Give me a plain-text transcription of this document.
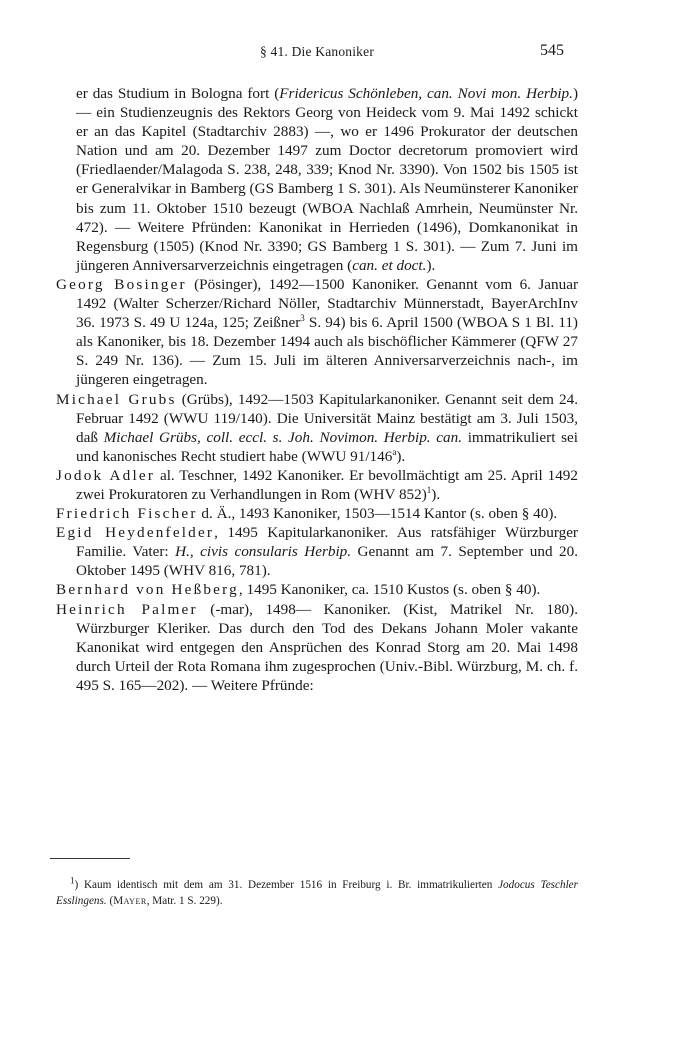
§ 41. Die Kanoniker	545

er das Studium in Bologna fort (Fridericus Schönleben, can. Novi mon. Herbip.) — ein Studienzeugnis des Rektors Georg von Heideck vom 9. Mai 1492 schickt er an das Kapitel (Stadtarchiv 2883) —, wo er 1496 Prokurator der deutschen Nation und am 20. Dezember 1497 zum Doctor decretorum promoviert wird (Friedlaender/Malagoda S. 238, 248, 339; Knod Nr. 3390). Von 1502 bis 1505 ist er Generalvikar in Bamberg (GS Bamberg 1 S. 301). Als Neumünsterer Kanoniker bis zum 11. Oktober 1510 bezeugt (WBOA Nachlaß Amrhein, Neumünster Nr. 472). — Weitere Pfründen: Kanonikat in Herrieden (1496), Domkanonikat in Regensburg (1505) (Knod Nr. 3390; GS Bamberg 1 S. 301). — Zum 7. Juni im jüngeren Anniversarverzeichnis eingetragen (can. et doct.).

Georg Bosinger (Pösinger), 1492—1500 Kanoniker. Genannt vom 6. Januar 1492 (Walter Scherzer/Richard Nöller, Stadtarchiv Münnerstadt, BayerArchInv 36. 1973 S. 49 U 124a, 125; Zeißner$^3$ S. 94) bis 6. April 1500 (WBOA S 1 Bl. 11) als Kanoniker, bis 18. Dezember 1494 auch als bischöflicher Kämmerer (QFW 27 S. 249 Nr. 136). — Zum 15. Juli im älteren Anniversarverzeichnis nach-, im jüngeren eingetragen.

Michael Grubs (Grübs), 1492—1503 Kapitularkanoniker. Genannt seit dem 24. Februar 1492 (WWU 119/140). Die Universität Mainz bestätigt am 3. Juli 1503, daß Michael Grübs, coll. eccl. s. Joh. Novimon. Herbip. can. immatrikuliert sei und kanonisches Recht studiert habe (WWU 91/146$^a$).

Jodok Adler al. Teschner, 1492 Kanoniker. Er bevollmächtigt am 25. April 1492 zwei Prokuratoren zu Verhandlungen in Rom (WHV 852)$^1$).

Friedrich Fischer d. Ä., 1493 Kanoniker, 1503—1514 Kantor (s. oben § 40).

Egid Heydenfelder, 1495 Kapitularkanoniker. Aus ratsfähiger Würzburger Familie. Vater: H., civis consularis Herbip. Genannt am 7. September und 20. Oktober 1495 (WHV 816, 781).

Bernhard von Heßberg, 1495 Kanoniker, ca. 1510 Kustos (s. oben § 40).

Heinrich Palmer (-mar), 1498— Kanoniker. (Kist, Matrikel Nr. 180). Würzburger Kleriker. Das durch den Tod des Dekans Johann Moler vakante Kanonikat wird entgegen den Ansprüchen des Konrad Storg am 20. Mai 1498 durch Urteil der Rota Romana ihm zugesprochen (Univ.-Bibl. Würzburg, M. ch. f. 495 S. 165—202). — Weitere Pfründe:

$^1$) Kaum identisch mit dem am 31. Dezember 1516 in Freiburg i. Br. immatrikulierten Jodocus Teschler Esslingens. (Mayer, Matr. 1 S. 229).
